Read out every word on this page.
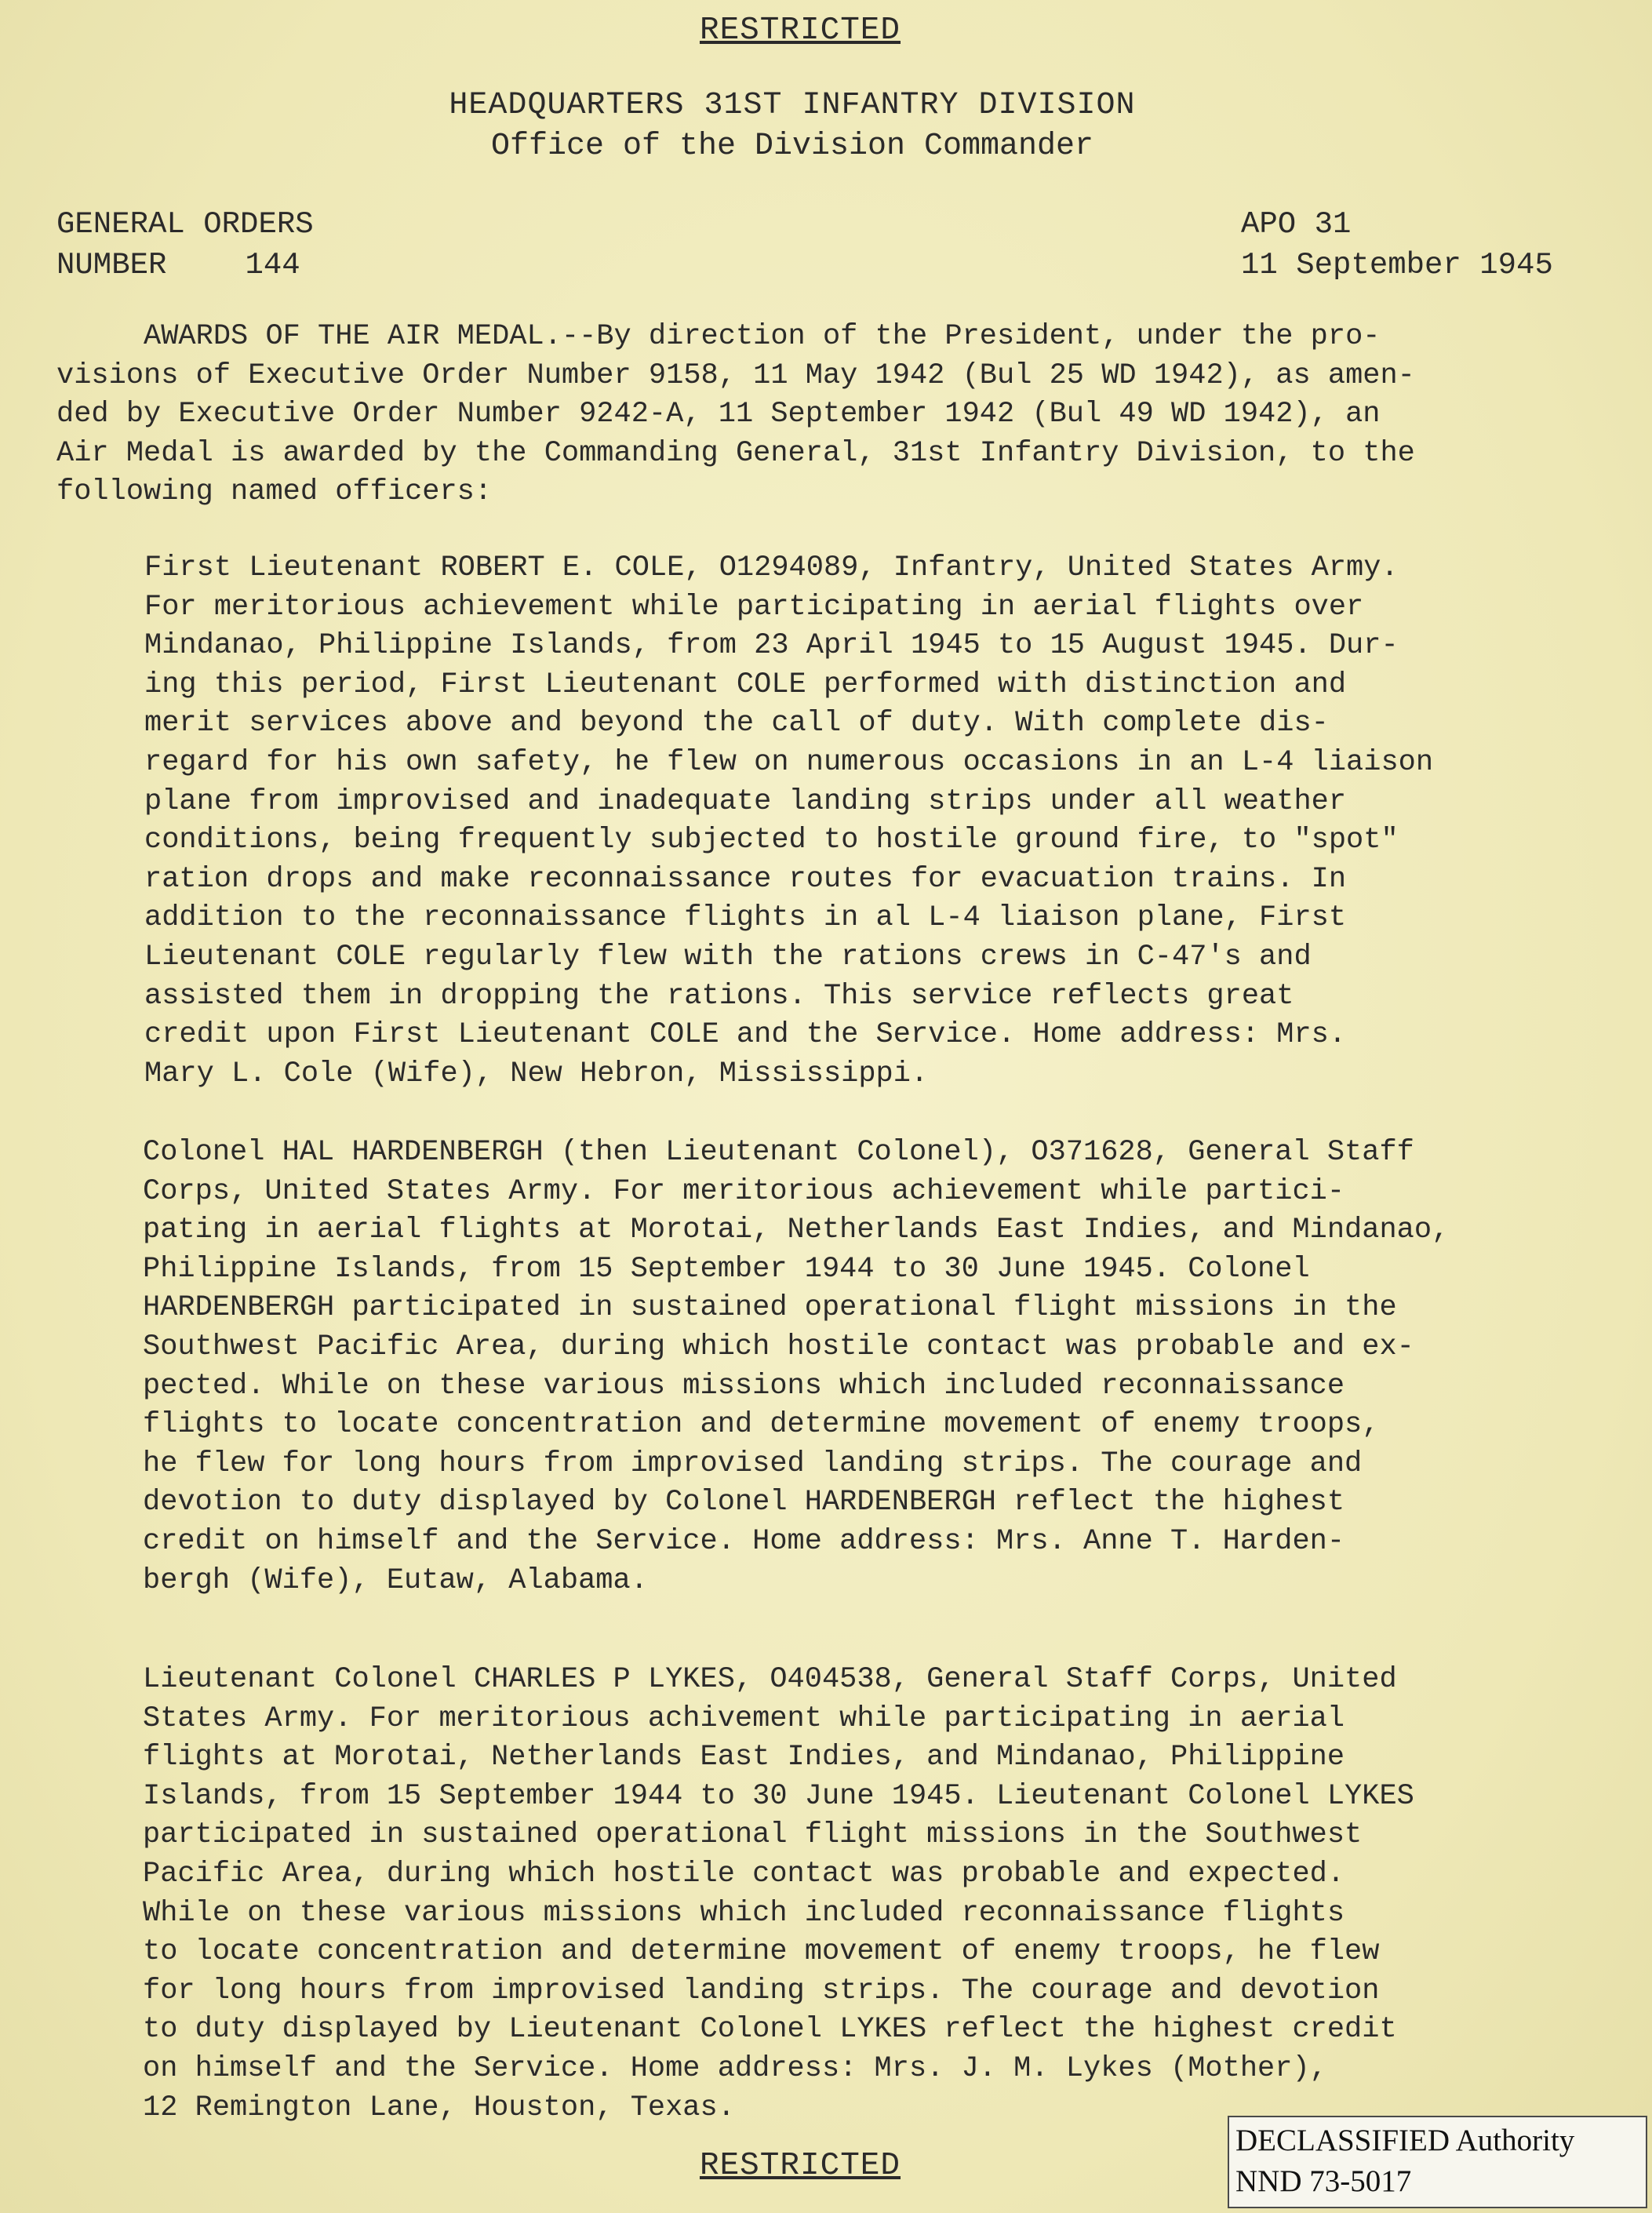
RESTRICTED
HEADQUARTERS 31ST INFANTRY DIVISION
Office of the Division Commander
GENERAL ORDERS
NUMBER	144
APO 31
11 September 1945
AWARDS OF THE AIR MEDAL.--By direction of the President, under the pro-
visions of Executive Order Number 9158, 11 May 1942 (Bul 25 WD 1942), as amen-
ded by Executive Order Number 9242-A, 11 September 1942 (Bul 49 WD 1942), an
Air Medal is awarded by the Commanding General, 31st Infantry Division, to the
following named officers:
First Lieutenant ROBERT E. COLE, O1294089, Infantry, United States Army.
For meritorious achievement while participating in aerial flights over
Mindanao, Philippine Islands, from 23 April 1945 to 15 August 1945. Dur-
ing this period, First Lieutenant COLE performed with distinction and
merit services above and beyond the call of duty. With complete dis-
regard for his own safety, he flew on numerous occasions in an L-4 liaison
plane from improvised and inadequate landing strips under all weather
conditions, being frequently subjected to hostile ground fire, to "spot"
ration drops and make reconnaissance routes for evacuation trains. In
addition to the reconnaissance flights in al L-4 liaison plane, First
Lieutenant COLE regularly flew with the rations crews in C-47's and
assisted them in dropping the rations. This service reflects great
credit upon First Lieutenant COLE and the Service. Home address: Mrs.
Mary L. Cole (Wife), New Hebron, Mississippi.
Colonel HAL HARDENBERGH (then Lieutenant Colonel), O371628, General Staff
Corps, United States Army. For meritorious achievement while partici-
pating in aerial flights at Morotai, Netherlands East Indies, and Mindanao,
Philippine Islands, from 15 September 1944 to 30 June 1945. Colonel
HARDENBERGH participated in sustained operational flight missions in the
Southwest Pacific Area, during which hostile contact was probable and ex-
pected. While on these various missions which included reconnaissance
flights to locate concentration and determine movement of enemy troops,
he flew for long hours from improvised landing strips. The courage and
devotion to duty displayed by Colonel HARDENBERGH reflect the highest
credit on himself and the Service. Home address: Mrs. Anne T. Harden-
bergh (Wife), Eutaw, Alabama.
Lieutenant Colonel CHARLES P LYKES, O404538, General Staff Corps, United
States Army. For meritorious achivement while participating in aerial
flights at Morotai, Netherlands East Indies, and Mindanao, Philippine
Islands, from 15 September 1944 to 30 June 1945. Lieutenant Colonel LYKES
participated in sustained operational flight missions in the Southwest
Pacific Area, during which hostile contact was probable and expected.
While on these various missions which included reconnaissance flights
to locate concentration and determine movement of enemy troops, he flew
for long hours from improvised landing strips. The courage and devotion
to duty displayed by Lieutenant Colonel LYKES reflect the highest credit
on himself and the Service. Home address: Mrs. J. M. Lykes (Mother),
12 Remington Lane, Houston, Texas.
RESTRICTED
DECLASSIFIED Authority
NND 73-5017
